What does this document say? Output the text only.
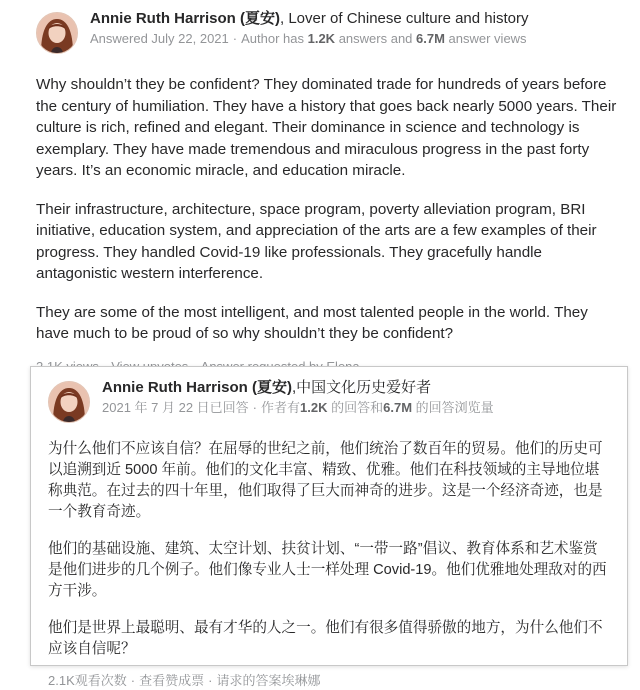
Annie Ruth Harrison (夏安), Lover of Chinese culture and history
Answered July 22, 2021 · Author has 1.2K answers and 6.7M answer views

Why shouldn’t they be confident? They dominated trade for hundreds of years before the century of humiliation. They have a history that goes back nearly 5000 years. Their culture is rich, refined and elegant. Their dominance in science and technology is exemplary. They have made tremendous and miraculous progress in the past forty years. It’s an economic miracle, and education miracle.

Their infrastructure, architecture, space program, poverty alleviation program, BRI initiative, education system, and appreciation of the arts are a few examples of their progress. They handled Covid-19 like professionals. They gracefully handle antagonistic western interference.

They are some of the most intelligent, and most talented people in the world. They have much to be proud of so why shouldn’t they be confident?

Annie Ruth Harrison (夏安),中国文化历史爱好者
2021 年 7 月 22 日已回答 · 作者有1.2K 的回答和6.7M 的回答浏览量

为什么他们不应该自信？在屈辱的世纪之前，他们统治了数百年的贸易。他们的历史可以追溯到近 5000 年前。他们的文化丰富、精致、优雅。他们在科技领域的主导地位堪称典范。在过去的四十年里，他们取得了巨大而神奇的进步。这是一个经济奇迹，也是一个教育奇迹。

他们的基础设施、建筑、太空计划、扶贫计划、“一带一路”倡议、教育体系和艺术鉴赏是他们进步的几个例子。他们像专业人士一样处理 Covid-19。他们优雅地处理敌对的西方干涉。

他们是世界上最聪明、最有才华的人之一。他们有很多值得骄傲的地方，为什么他们不应该自信呢？

2.1K观看次数 · 查看赞成票 · 请求的答案埃琳娜
